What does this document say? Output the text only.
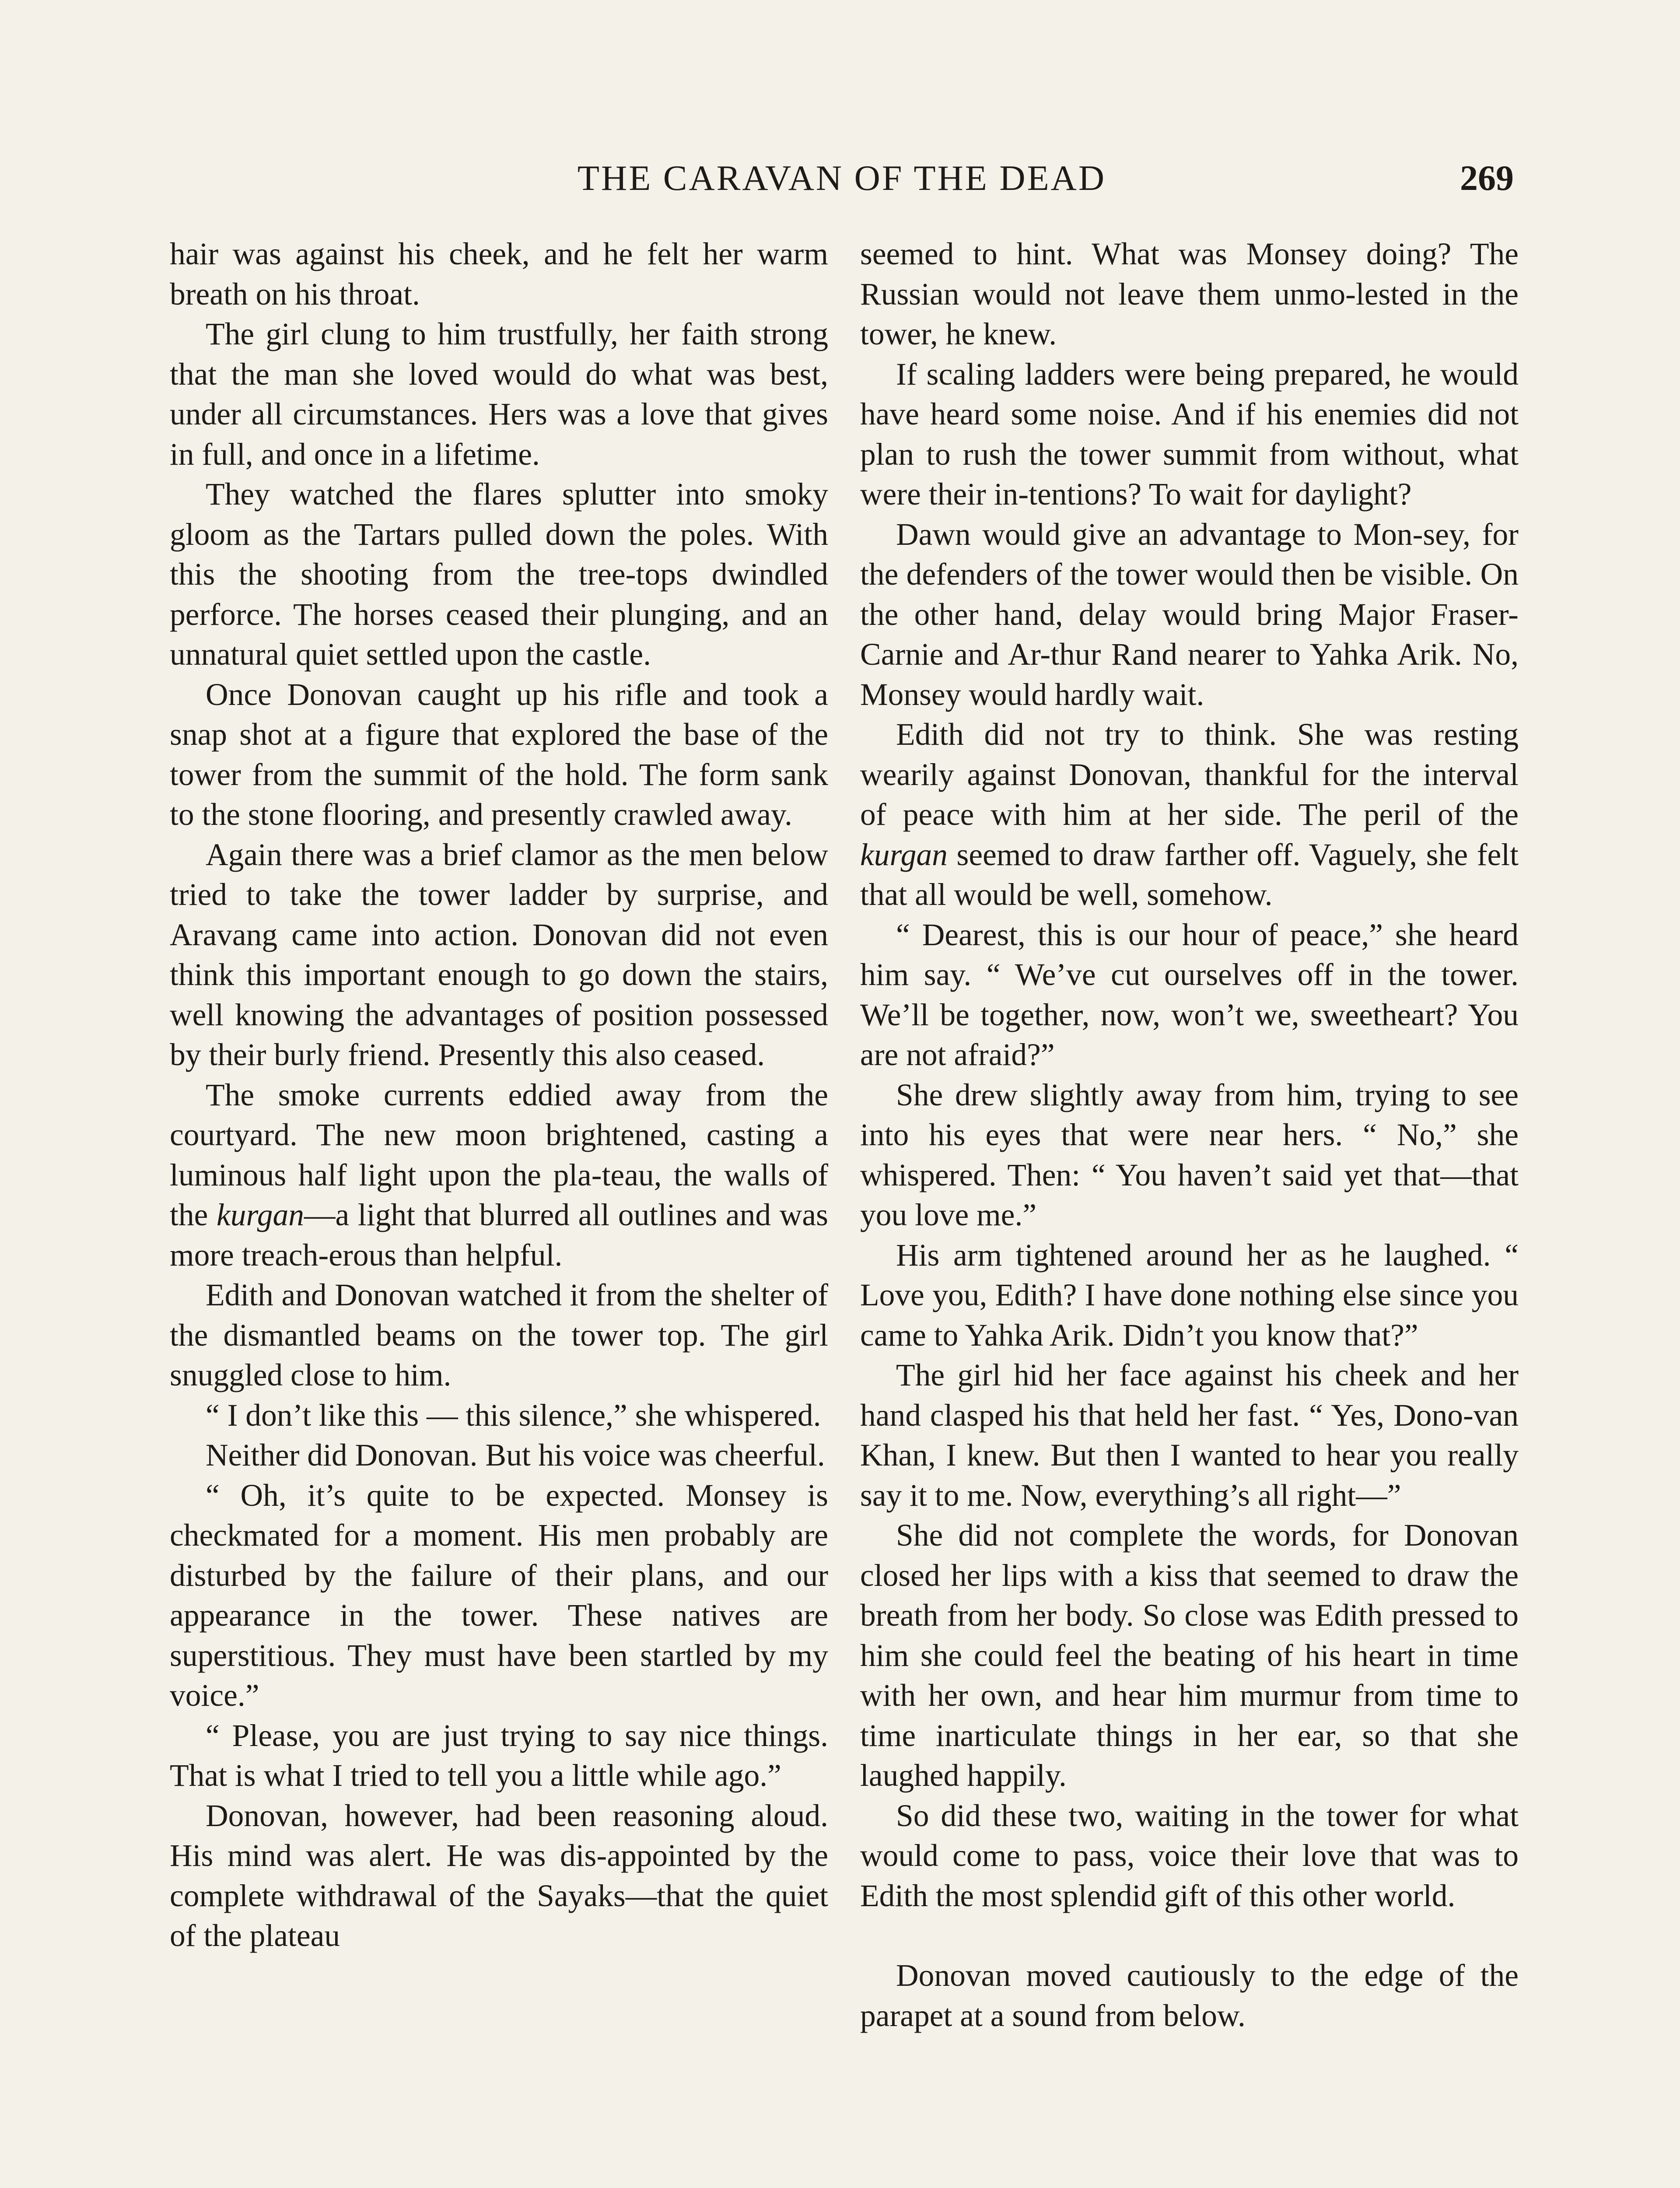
THE CARAVAN OF THE DEAD	269

hair was against his cheek, and he felt her warm breath on his throat.

The girl clung to him trustfully, her faith strong that the man she loved would do what was best, under all circumstances. Hers was a love that gives in full, and once in a lifetime.

They watched the flares splutter into smoky gloom as the Tartars pulled down the poles. With this the shooting from the tree-tops dwindled perforce. The horses ceased their plunging, and an unnatural quiet settled upon the castle.

Once Donovan caught up his rifle and took a snap shot at a figure that explored the base of the tower from the summit of the hold. The form sank to the stone flooring, and presently crawled away.

Again there was a brief clamor as the men below tried to take the tower ladder by surprise, and Aravang came into action. Donovan did not even think this important enough to go down the stairs, well knowing the advantages of position possessed by their burly friend. Presently this also ceased.

The smoke currents eddied away from the courtyard. The new moon brightened, casting a luminous half light upon the pla-teau, the walls of the kurgan—a light that blurred all outlines and was more treach-erous than helpful.

Edith and Donovan watched it from the shelter of the dismantled beams on the tower top. The girl snuggled close to him.

“ I don’t like this — this silence,” she whispered.

Neither did Donovan. But his voice was cheerful.

“ Oh, it’s quite to be expected. Monsey is checkmated for a moment. His men probably are disturbed by the failure of their plans, and our appearance in the tower. These natives are superstitious. They must have been startled by my voice.”

“ Please, you are just trying to say nice things. That is what I tried to tell you a little while ago.”

Donovan, however, had been reasoning aloud. His mind was alert. He was dis-appointed by the complete withdrawal of the Sayaks—that the quiet of the plateau

seemed to hint. What was Monsey doing? The Russian would not leave them unmo-lested in the tower, he knew.

If scaling ladders were being prepared, he would have heard some noise. And if his enemies did not plan to rush the tower summit from without, what were their in-tentions? To wait for daylight?

Dawn would give an advantage to Mon-sey, for the defenders of the tower would then be visible. On the other hand, delay would bring Major Fraser-Carnie and Ar-thur Rand nearer to Yahka Arik. No, Monsey would hardly wait.

Edith did not try to think. She was resting wearily against Donovan, thankful for the interval of peace with him at her side. The peril of the kurgan seemed to draw farther off. Vaguely, she felt that all would be well, somehow.

“ Dearest, this is our hour of peace,” she heard him say. “ We’ve cut ourselves off in the tower. We’ll be together, now, won’t we, sweetheart? You are not afraid?”

She drew slightly away from him, trying to see into his eyes that were near hers. “ No,” she whispered. Then: “ You haven’t said yet that—that you love me.”

His arm tightened around her as he laughed. “ Love you, Edith? I have done nothing else since you came to Yahka Arik. Didn’t you know that?”

The girl hid her face against his cheek and her hand clasped his that held her fast. “ Yes, Dono-van Khan, I knew. But then I wanted to hear you really say it to me. Now, everything’s all right—”

She did not complete the words, for Donovan closed her lips with a kiss that seemed to draw the breath from her body. So close was Edith pressed to him she could feel the beating of his heart in time with her own, and hear him murmur from time to time inarticulate things in her ear, so that she laughed happily.

So did these two, waiting in the tower for what would come to pass, voice their love that was to Edith the most splendid gift of this other world.

Donovan moved cautiously to the edge of the parapet at a sound from below.
